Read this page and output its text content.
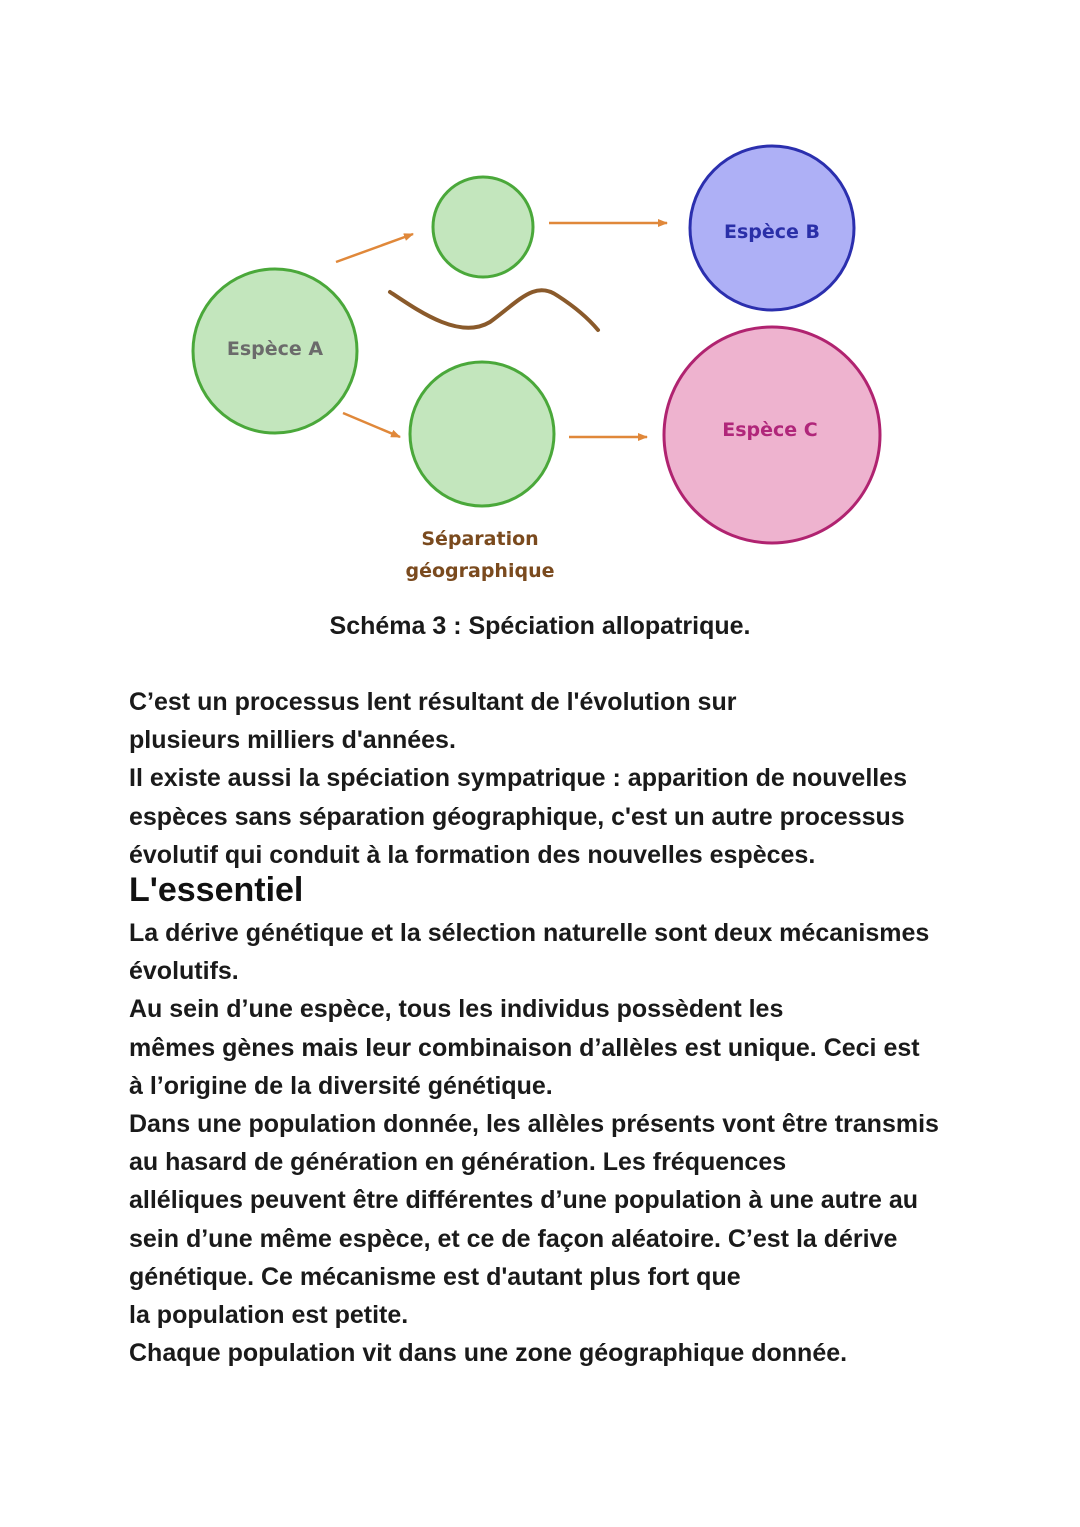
Espèce A
Espèce B
Espèce C
Séparation
géographique
Schéma 3 : Spéciation allopatrique.

C’est un processus lent résultant de l'évolution sur

plusieurs milliers d'années.

Il existe aussi la spéciation sympatrique : apparition de nouvelles

espèces sans séparation géographique, c'est un autre processus

évolutif qui conduit à la formation des nouvelles espèces.

L'essentiel

La dérive génétique et la sélection naturelle sont deux mécanismes

évolutifs.

Au sein d’une espèce, tous les individus possèdent les

mêmes gènes mais leur combinaison d’allèles est unique. Ceci est

à l’origine de la diversité génétique.

Dans une population donnée, les allèles présents vont être transmis

au hasard de génération en génération. Les fréquences

alléliques peuvent être différentes d’une population à une autre au

sein d’une même espèce, et ce de façon aléatoire. C’est la dérive

génétique. Ce mécanisme est d'autant plus fort que

la population est petite.

Chaque population vit dans une zone géographique donnée.
